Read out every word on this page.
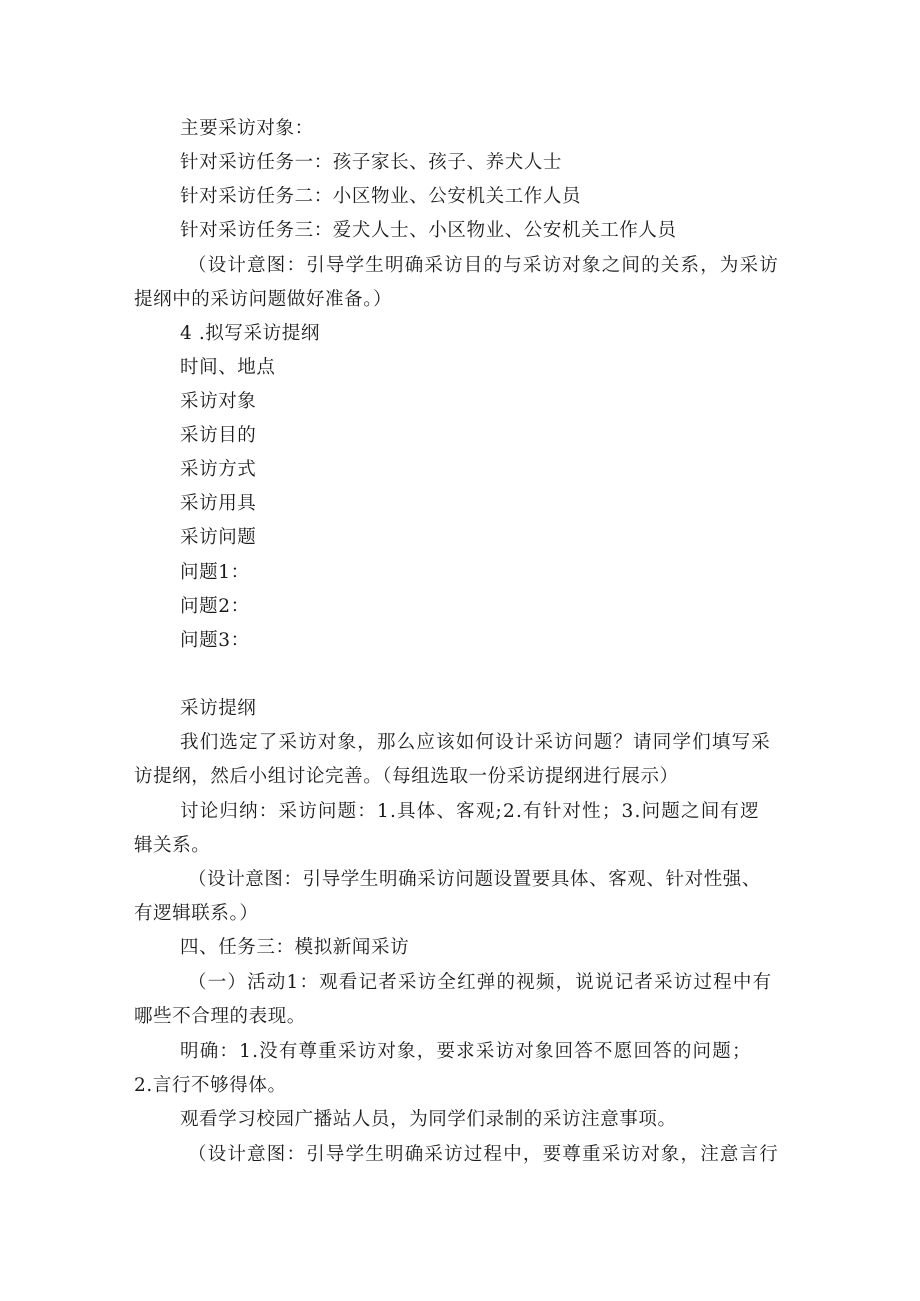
主要采访对象：
针对采访任务一：孩子家长、孩子、养犬人士
针对采访任务二：小区物业、公安机关工作人员
针对采访任务三：爱犬人士、小区物业、公安机关工作人员
（设计意图：引导学生明确采访目的与采访对象之间的关系，为采访
提纲中的采访问题做好准备。）
4 .拟写采访提纲
时间、地点
采访对象
采访目的
采访方式
采访用具
采访问题
问题1：
问题2：
问题3：
采访提纲
我们选定了采访对象，那么应该如何设计采访问题？请同学们填写采
访提纲，然后小组讨论完善。（每组选取一份采访提纲进行展示）
讨论归纳：采访问题：1.具体、客观;2.有针对性；3.问题之间有逻
辑关系。
（设计意图：引导学生明确采访问题设置要具体、客观、针对性强、
有逻辑联系。）
四、任务三：模拟新闻采访
（一）活动1：观看记者采访全红弹的视频，说说记者采访过程中有
哪些不合理的表现。
明确：1.没有尊重采访对象，要求采访对象回答不愿回答的问题；
2.言行不够得体。
观看学习校园广播站人员，为同学们录制的采访注意事项。
（设计意图：引导学生明确采访过程中，要尊重采访对象，注意言行
